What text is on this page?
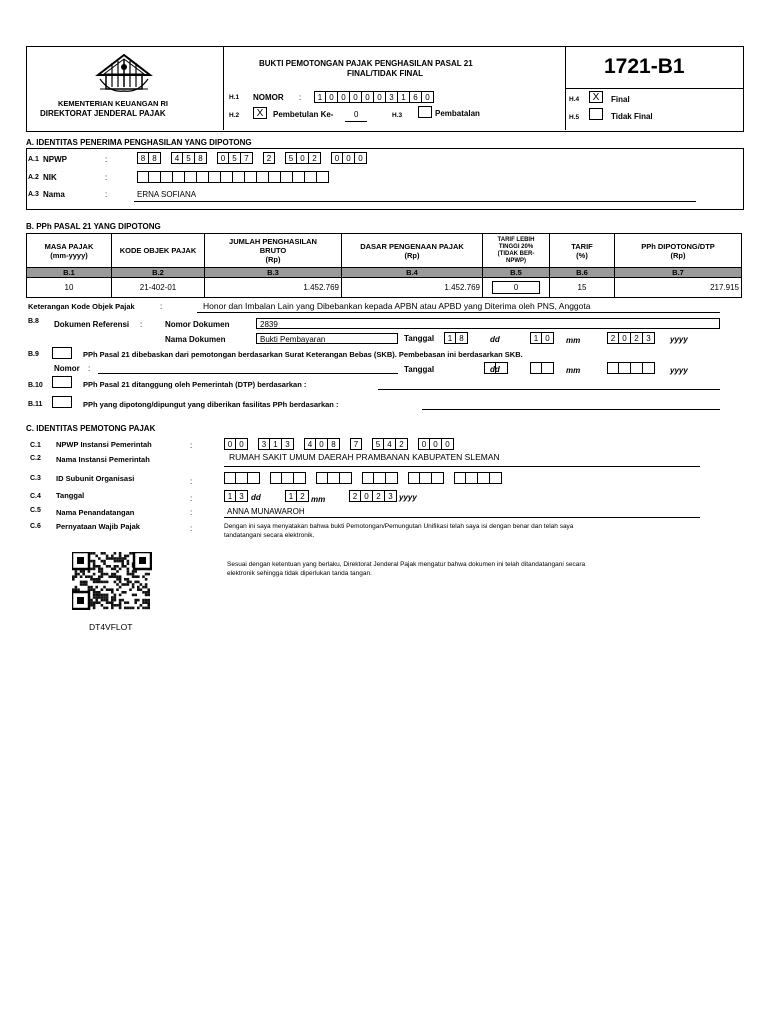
KEMENTERIAN KEUANGAN RI
DIREKTORAT JENDERAL PAJAK
BUKTI PEMOTONGAN PAJAK PENGHASILAN PASAL 21
FINAL/TIDAK FINAL	1721-B1
H.1 NOMOR :	1 0 0 0 0 0 3 1 6 0
H.2	X	Pembetulan Ke-	0	H.3	Pembatalan
H.4	X	Final
H.5	Tidak Final
A. IDENTITAS PENERIMA PENGHASILAN YANG DIPOTONG
A.1 NPWP	:	8 8	4 5 8	0 5 7	2	5 0 2	0 0 0
A.2 NIK	:
A.3 Nama	:	ERNA SOFIANA
B. PPh PASAL 21 YANG DIPOTONG
MASA PAJAK
(mm-yyyy)	KODE OBJEK PAJAK	JUMLAH PENGHASILAN
BRUTO
(Rp)	DASAR PENGENAAN PAJAK
(Rp)	TARIF LEBIH
TINGGI 20%
(TIDAK BER-
NPWP)	TARIF
(%)	PPh DIPOTONG/DTP
(Rp)
B.1	B.2	B.3	B.4	B.5	B.6	B.7
10	21-402-01	1.452.769	1.452.769	0	15	217.915
Keterangan Kode Objek Pajak	:	Honor dan Imbalan Lain yang Dibebankan kepada APBN atau APBD yang Diterima oleh PNS, Anggota
B.8 Dokumen Referensi :	Nomor Dokumen	2839
Nama Dokumen	Bukti Pembayaran	Tanggal	1 8	dd	1 0	mm	2 0 2 3	yyyy
B.9	PPh Pasal 21 dibebaskan dari pemotongan berdasarkan Surat Keterangan Bebas (SKB). Pembebasan ini berdasarkan SKB.
Nomor :	Tanggal	dd	mm	yyyy
B.10	PPh Pasal 21 ditanggung oleh Pemerintah (DTP) berdasarkan :
B.11	PPh yang dipotong/dipungut yang diberikan fasilitas PPh berdasarkan :
C. IDENTITAS PEMOTONG PAJAK
C.1 NPWP Instansi Pemerintah	:	0 0	3 1 3	4 0 8	7	5 4 2	0 0 0
C.2 Nama Instansi Pemerintah	RUMAH SAKIT UMUM DAERAH PRAMBANAN KABUPATEN SLEMAN
C.3 ID Subunit Organisasi	:
C.4 Tanggal	:	1 3 dd	1 2 mm	2 0 2 3 yyyy
C.5 Nama Penandatangan	:	ANNA MUNAWAROH
C.6 Pernyataan Wajib Pajak	:	Dengan ini saya menyatakan bahwa bukti Pemotongan/Pemungutan Unifikasi telah saya isi dengan benar dan telah saya
tandatangani secara elektronik.
DT4VFLOT
Sesuai dengan ketentuan yang berlaku, Direktorat Jenderal Pajak mengatur bahwa dokumen ini telah ditandatangani secara
elektronik sehingga tidak diperlukan tanda tangan.
